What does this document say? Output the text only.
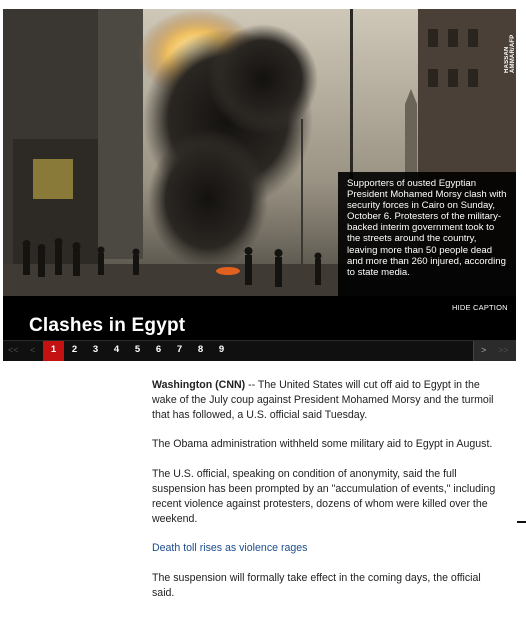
HASSAN AMMAR/AFP
Supporters of ousted Egyptian President Mohamed Morsy clash with security forces in Cairo on Sunday, October 6. Protesters of the military-backed interim government took to the streets around the country, leaving more than 50 people dead and more than 260 injured, according to state media.
HIDE CAPTION
Clashes in Egypt
<< <	1	2	3	4	5	6	7	8	9	> >>

Washington (CNN) -- The United States will cut off aid to Egypt in the wake of the July coup against President Mohamed Morsy and the turmoil that has followed, a U.S. official said Tuesday.

The Obama administration withheld some military aid to Egypt in August.

The U.S. official, speaking on condition of anonymity, said the full suspension has been prompted by an "accumulation of events," including recent violence against protesters, dozens of whom were killed over the weekend.

Death toll rises as violence rages

The suspension will formally take effect in the coming days, the official said.
